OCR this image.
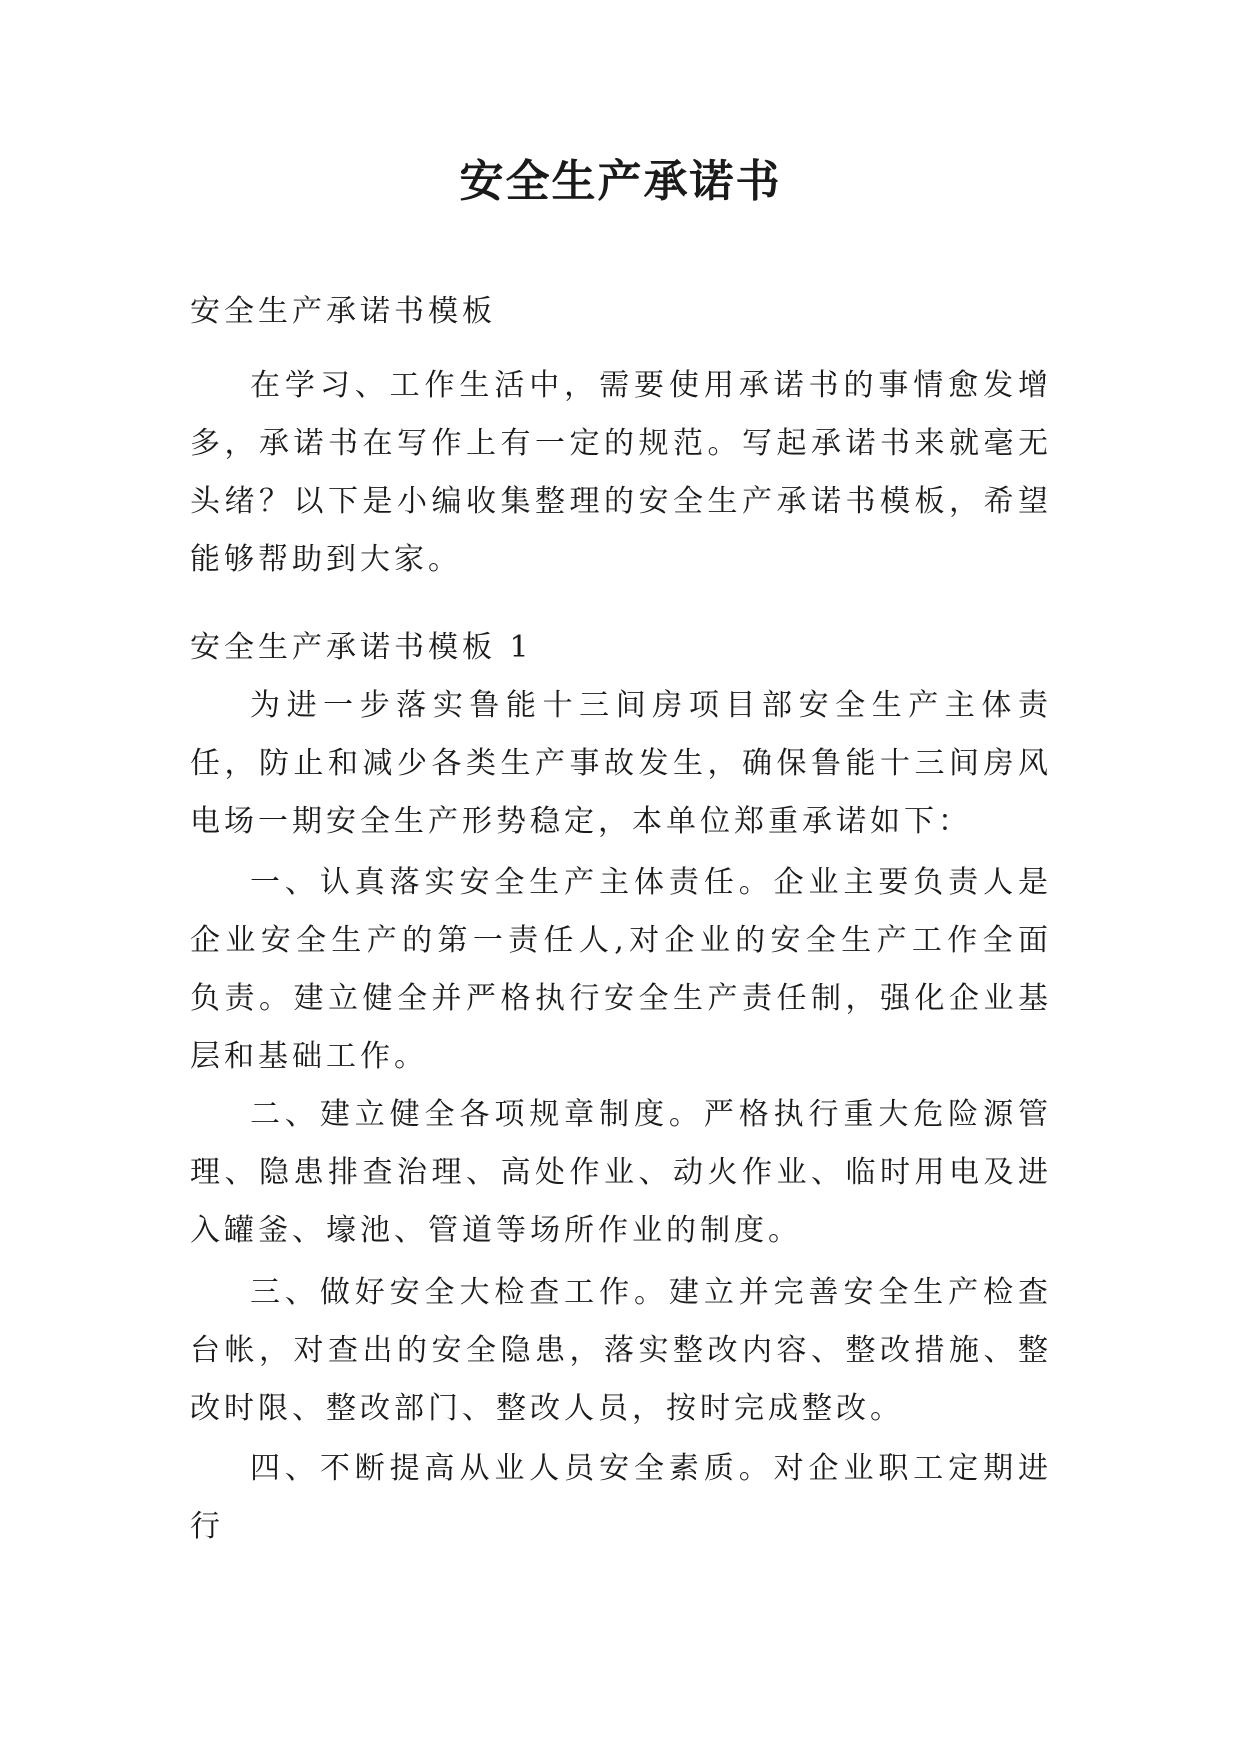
安全生产承诺书
安全生产承诺书模板

在学习、工作生活中，需要使用承诺书的事情愈发增多，承诺书在写作上有一定的规范。写起承诺书来就毫无头绪？以下是小编收集整理的安全生产承诺书模板，希望能够帮助到大家。

安全生产承诺书模板 1

为进一步落实鲁能十三间房项目部安全生产主体责任，防止和减少各类生产事故发生，确保鲁能十三间房风电场一期安全生产形势稳定，本单位郑重承诺如下：

一、认真落实安全生产主体责任。企业主要负责人是企业安全生产的第一责任人,对企业的安全生产工作全面负责。建立健全并严格执行安全生产责任制，强化企业基层和基础工作。

二、建立健全各项规章制度。严格执行重大危险源管理、隐患排查治理、高处作业、动火作业、临时用电及进入罐釜、壕池、管道等场所作业的制度。

三、做好安全大检查工作。建立并完善安全生产检查台帐，对查出的安全隐患，落实整改内容、整改措施、整改时限、整改部门、整改人员，按时完成整改。

四、不断提高从业人员安全素质。对企业职工定期进行
